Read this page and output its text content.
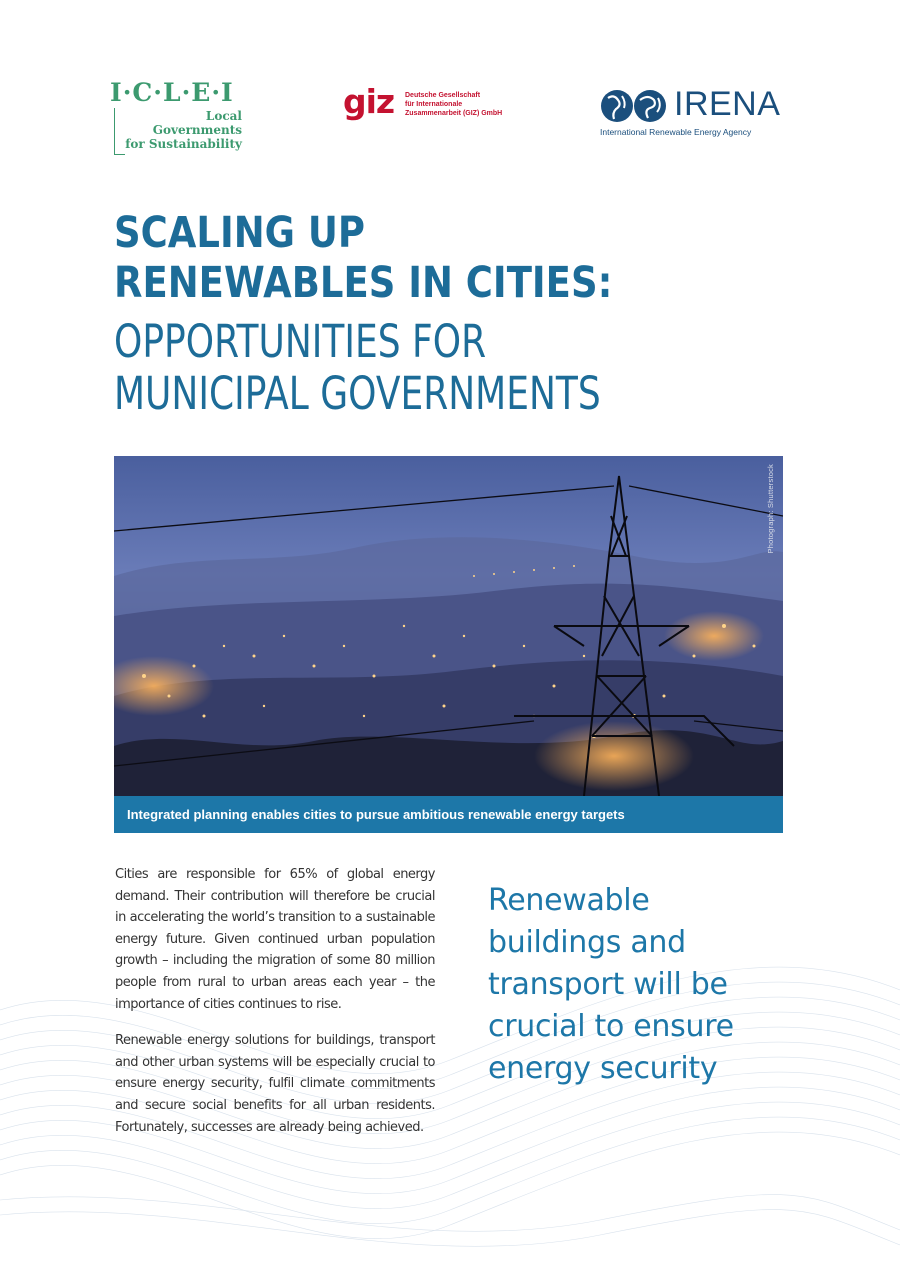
I·C·L·E·I
Local
Governments
for Sustainability
giz Deutsche Gesellschaft
für Internationale
Zusammenarbeit (GIZ) GmbH	IRENA
International Renewable Energy Agency
SCALING UP
RENEWABLES IN CITIES:
OPPORTUNITIES FOR
MUNICIPAL GOVERNMENTS
Photograph: Shutterstock
Integrated planning enables cities to pursue ambitious renewable energy targets

Cities are responsible for 65% of global energy demand. Their contribution will therefore be crucial in accelerating the world’s transition to a sustainable energy future. Given continued urban population growth – including the migration of some 80 million people from rural to urban areas each year – the importance of cities continues to rise.

Renewable energy solutions for buildings, transport and other urban systems will be especially crucial to ensure energy security, fulfil climate commitments and secure social benefits for all urban residents. Fortunately, successes are already being achieved.

Renewable buildings and transport will be crucial to ensure energy security
